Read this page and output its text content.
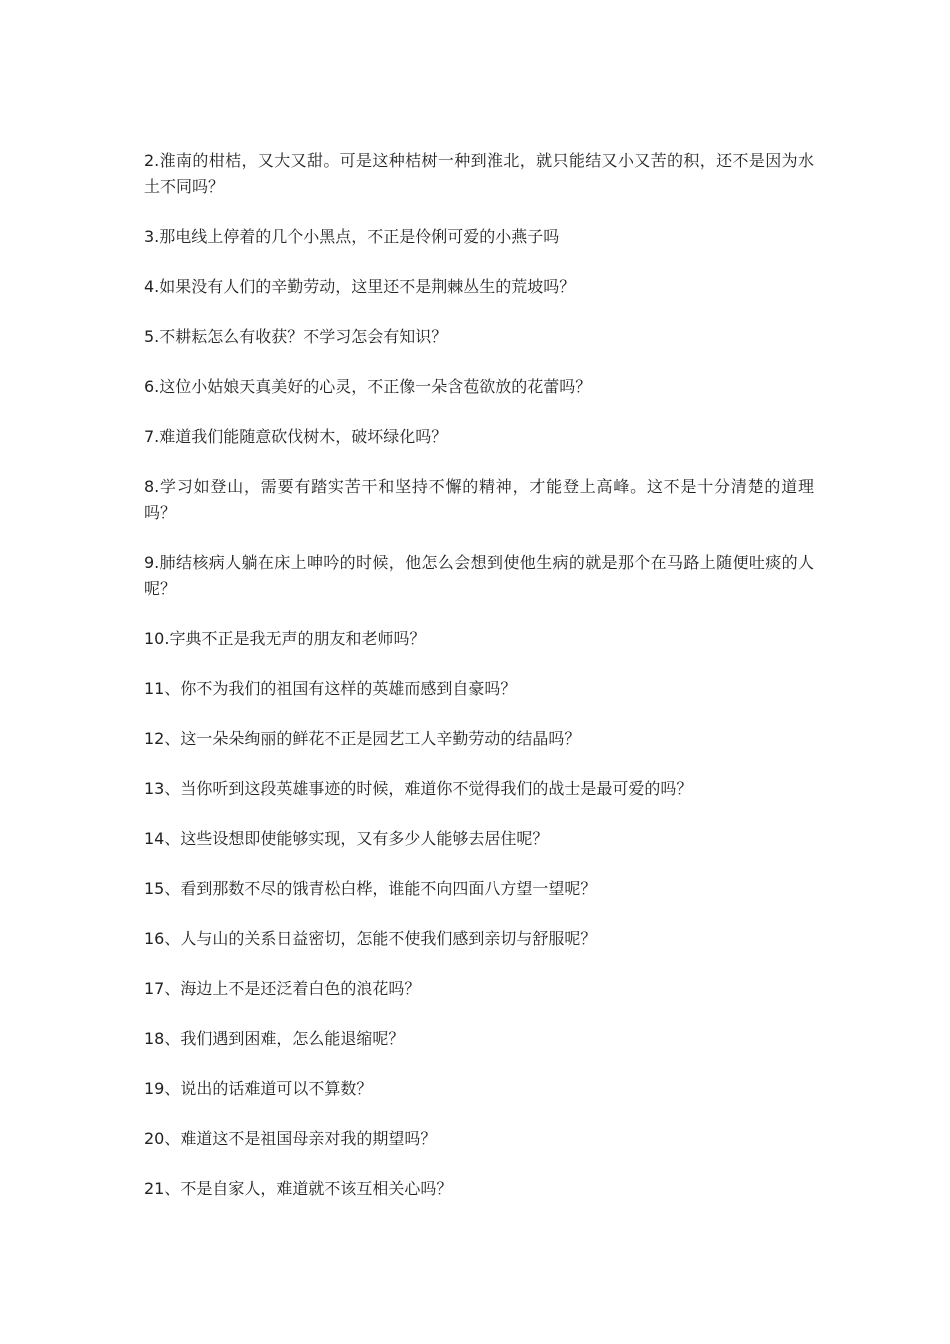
2.淮南的柑桔，又大又甜。可是这种桔树一种到淮北，就只能结又小又苦的积，还不是因为水土不同吗？

3.那电线上停着的几个小黑点，不正是伶俐可爱的小燕子吗

4.如果没有人们的辛勤劳动，这里还不是荆棘丛生的荒坡吗？

5.不耕耘怎么有收获？不学习怎会有知识？

6.这位小姑娘天真美好的心灵，不正像一朵含苞欲放的花蕾吗？

7.难道我们能随意砍伐树木，破坏绿化吗？

8.学习如登山，需要有踏实苦干和坚持不懈的精神，才能登上高峰。这不是十分清楚的道理吗？

9.肺结核病人躺在床上呻吟的时候，他怎么会想到使他生病的就是那个在马路上随便吐痰的人呢？

10.字典不正是我无声的朋友和老师吗？

11、你不为我们的祖国有这样的英雄而感到自豪吗？

12、这一朵朵绚丽的鲜花不正是园艺工人辛勤劳动的结晶吗？

13、当你听到这段英雄事迹的时候，难道你不觉得我们的战士是最可爱的吗？

14、这些设想即使能够实现，又有多少人能够去居住呢？

15、看到那数不尽的饿青松白桦，谁能不向四面八方望一望呢？

16、人与山的关系日益密切，怎能不使我们感到亲切与舒服呢？

17、海边上不是还泛着白色的浪花吗？

18、我们遇到困难，怎么能退缩呢？

19、说出的话难道可以不算数？

20、难道这不是祖国母亲对我的期望吗？

21、不是自家人，难道就不该互相关心吗？
